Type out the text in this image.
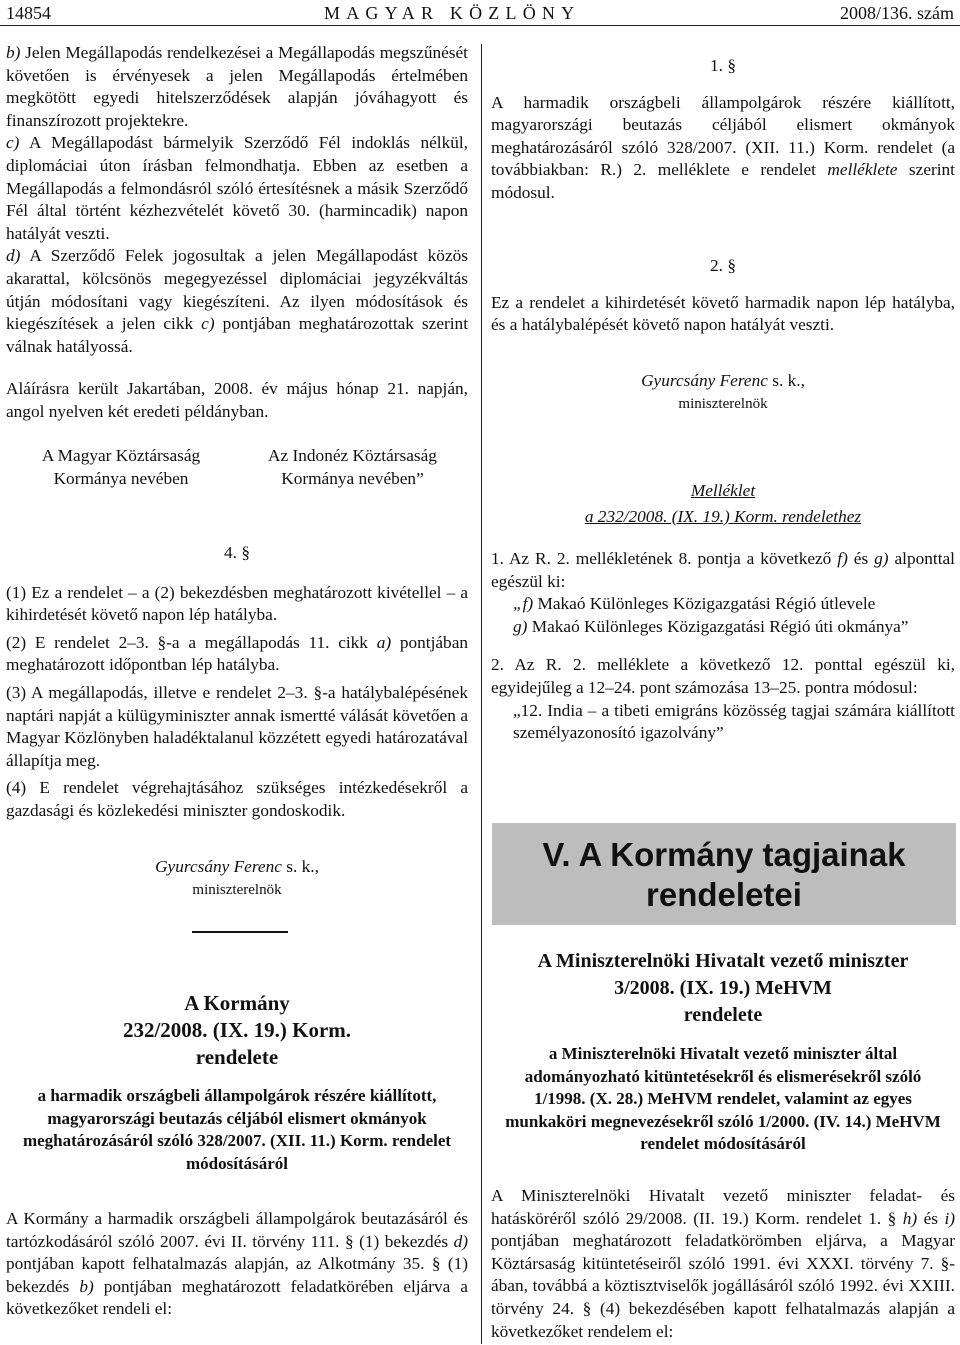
14854	MAGYAR KÖZLÖNY	2008/136. szám

b) Jelen Megállapodás rendelkezései a Megállapodás megszűnését követően is érvényesek a jelen Megállapodás értelmében megkötött egyedi hitelszerződések alapján jóváhagyott és finanszírozott projektekre.

c) A Megállapodást bármelyik Szerződő Fél indoklás nélkül, diplomáciai úton írásban felmondhatja. Ebben az esetben a Megállapodás a felmondásról szóló értesítésnek a másik Szerződő Fél által történt kézhezvételét követő 30. (harmincadik) napon hatályát veszti.

d) A Szerződő Felek jogosultak a jelen Megállapodást közös akarattal, kölcsönös megegyezéssel diplomáciai jegyzékváltás útján módosítani vagy kiegészíteni. Az ilyen módosítások és kiegészítések a jelen cikk c) pontjában meghatározottak szerint válnak hatályossá.

Aláírásra került Jakartában, 2008. év május hónap 21. napján, angol nyelven két eredeti példányban.

A Magyar Köztársaság
Kormánya nevében
Az Indonéz Köztársaság
Kormánya nevében”

4. §

(1) Ez a rendelet – a (2) bekezdésben meghatározott kivétellel – a kihirdetését követő napon lép hatályba.

(2) E rendelet 2–3. §-a a megállapodás 11. cikk a) pontjában meghatározott időpontban lép hatályba.

(3) A megállapodás, illetve e rendelet 2–3. §-a hatálybalépésének naptári napját a külügyminiszter annak ismertté válását követően a Magyar Közlönyben haladéktalanul közzétett egyedi határozatával állapítja meg.

(4) E rendelet végrehajtásához szükséges intézkedésekről a gazdasági és közlekedési miniszter gondoskodik.

Gyurcsány Ferenc s. k.,
miniszterelnök

A Kormány

232/2008. (IX. 19.) Korm.

rendelete

a harmadik országbeli állampolgárok részére kiállított, magyarországi beutazás céljából elismert okmányok meghatározásáról szóló 328/2007. (XII. 11.) Korm. rendelet módosításáról

A Kormány a harmadik országbeli állampolgárok beutazásáról és tartózkodásáról szóló 2007. évi II. törvény 111. § (1) bekezdés d) pontjában kapott felhatalmazás alapján, az Alkotmány 35. § (1) bekezdés b) pontjában meghatározott feladatkörében eljárva a következőket rendeli el:

1. §

A harmadik országbeli állampolgárok részére kiállított, magyarországi beutazás céljából elismert okmányok meghatározásáról szóló 328/2007. (XII. 11.) Korm. rendelet (a továbbiakban: R.) 2. melléklete e rendelet melléklete szerint módosul.

2. §

Ez a rendelet a kihirdetését követő harmadik napon lép hatályba, és a hatálybalépését követő napon hatályát veszti.

Gyurcsány Ferenc s. k.,
miniszterelnök
Melléklet
a 232/2008. (IX. 19.) Korm. rendelethez

1. Az R. 2. mellékletének 8. pontja a következő f) és g) alponttal egészül ki:

„f) Makaó Különleges Közigazgatási Régió útlevele

g) Makaó Különleges Közigazgatási Régió úti okmánya”

2. Az R. 2. melléklete a következő 12. ponttal egészül ki, egyidejűleg a 12–24. pont számozása 13–25. pontra módosul:

„12. India – a tibeti emigráns közösség tagjai számára kiállított személyazonosító igazolvány”

V. A Kormány tagjainak
rendeletei

A Miniszterelnöki Hivatalt vezető miniszter

3/2008. (IX. 19.) MeHVM

rendelete

a Miniszterelnöki Hivatalt vezető miniszter által adományozható kitüntetésekről és elismerésekről szóló 1/1998. (X. 28.) MeHVM rendelet, valamint az egyes munkaköri megnevezésekről szóló 1/2000. (IV. 14.) MeHVM rendelet módosításáról

A Miniszterelnöki Hivatalt vezető miniszter feladat- és hatásköréről szóló 29/2008. (II. 19.) Korm. rendelet 1. § h) és i) pontjában meghatározott feladatkörömben eljárva, a Magyar Köztársaság kitüntetéseiről szóló 1991. évi XXXI. törvény 7. §-ában, továbbá a köztisztviselők jogállásáról szóló 1992. évi XXIII. törvény 24. § (4) bekezdésében kapott felhatalmazás alapján a következőket rendelem el:
